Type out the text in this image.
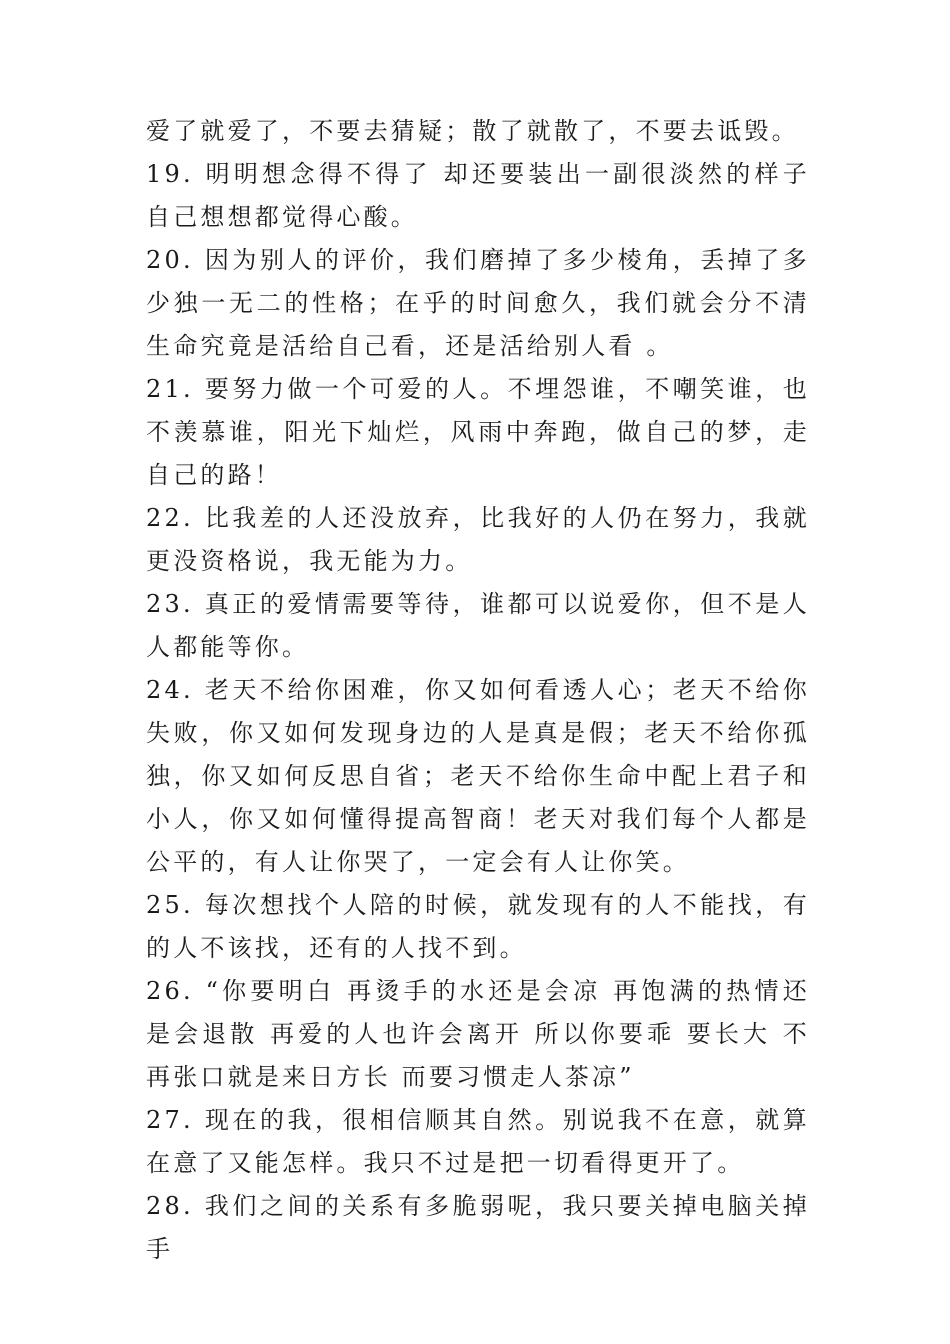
爱了就爱了，不要去猜疑；散了就散了，不要去诋毁。

19. 明明想念得不得了 却还要装出一副很淡然的样子 自己想想都觉得心酸。

20. 因为别人的评价，我们磨掉了多少棱角，丢掉了多少独一无二的性格；在乎的时间愈久，我们就会分不清生命究竟是活给自己看，还是活给别人看 。

21. 要努力做一个可爱的人。不埋怨谁，不嘲笑谁，也不羡慕谁，阳光下灿烂，风雨中奔跑，做自己的梦，走自己的路！

22. 比我差的人还没放弃，比我好的人仍在努力，我就更没资格说，我无能为力。

23. 真正的爱情需要等待，谁都可以说爱你，但不是人人都能等你。

24. 老天不给你困难，你又如何看透人心；老天不给你失败，你又如何发现身边的人是真是假；老天不给你孤独，你又如何反思自省；老天不给你生命中配上君子和小人，你又如何懂得提高智商！老天对我们每个人都是公平的，有人让你哭了，一定会有人让你笑。

25. 每次想找个人陪的时候，就发现有的人不能找，有的人不该找，还有的人找不到。

26. “你要明白 再烫手的水还是会凉 再饱满的热情还是会退散 再爱的人也许会离开 所以你要乖 要长大 不再张口就是来日方长 而要习惯走人茶凉”

27. 现在的我，很相信顺其自然。别说我不在意，就算在意了又能怎样。我只不过是把一切看得更开了。

28. 我们之间的关系有多脆弱呢，我只要关掉电脑关掉手
